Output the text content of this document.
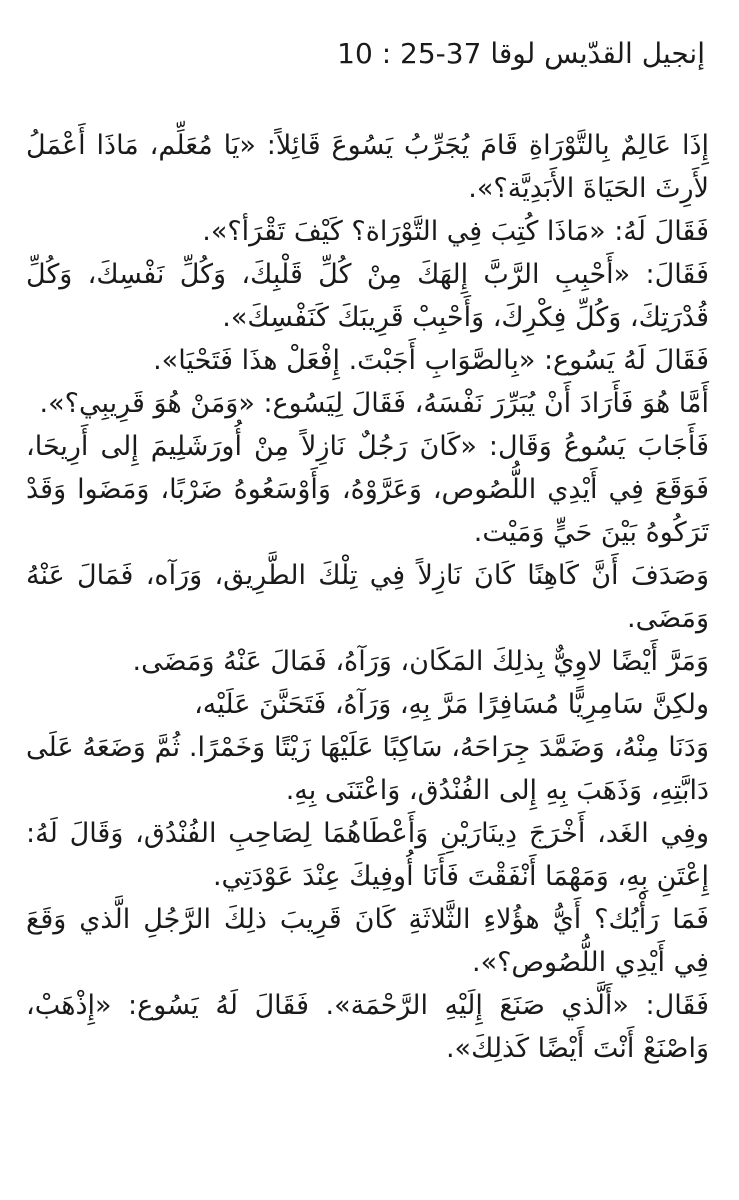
إنجيل القدّيس لوقا 37-25 : 10

إِذَا عَالِمٌ بِالتَّوْرَاةِ قَامَ يُجَرِّبُ يَسُوعَ قَائِلاً: «يَا مُعَلِّم، مَاذَا أَعْمَلُ لأَرِثَ الحَيَاةَ الأَبَدِيَّة؟».

فَقَالَ لَهُ: «مَاذَا كُتِبَ فِي التَّوْرَاة؟ كَيْفَ تَقْرَأ؟».

فَقَالَ: «أَحْبِبِ الرَّبَّ إِلهَكَ مِنْ كُلِّ قَلْبِكَ، وَكُلِّ نَفْسِكَ، وَكُلِّ قُدْرَتِكَ، وَكُلِّ فِكْرِكَ، وَأَحْبِبْ قَرِيبَكَ كَنَفْسِكَ».

فَقَالَ لَهُ يَسُوع: «بِالصَّوَابِ أَجَبْتَ. إِفْعَلْ هذَا فَتَحْيَا».

أَمَّا هُوَ فَأَرَادَ أَنْ يُبَرِّرَ نَفْسَهُ، فَقَالَ لِيَسُوع: «وَمَنْ هُوَ قَرِيبِي؟».

فَأَجَابَ يَسُوعُ وَقَال: «كَانَ رَجُلٌ نَازِلاً مِنْ أُورَشَلِيمَ إِلى أَرِيحَا، فَوَقَعَ فِي أَيْدِي اللُّصُوص، وَعَرَّوْهُ، وَأَوْسَعُوهُ ضَرْبًا، وَمَضَوا وَقَدْ تَرَكُوهُ بَيْنَ حَيٍّ وَمَيْت.

وَصَدَفَ أَنَّ كَاهِنًا كَانَ نَازِلاً فِي تِلْكَ الطَّرِيق، وَرَآه، فَمَالَ عَنْهُ وَمَضَى.

وَمَرَّ أَيْضًا لاوِيٌّ بِذلِكَ المَكَان، وَرَآهُ، فَمَالَ عَنْهُ وَمَضَى.

ولكِنَّ سَامِرِيًّا مُسَافِرًا مَرَّ بِهِ، وَرَآهُ، فَتَحَنَّنَ عَلَيْه،

وَدَنَا مِنْهُ، وَضَمَّدَ جِرَاحَهُ، سَاكِبًا عَلَيْهَا زَيْتًا وَخَمْرًا. ثُمَّ وَضَعَهُ عَلَى دَابَّتِهِ، وَذَهَبَ بِهِ إِلى الفُنْدُق، وَاعْتَنَى بِهِ.

وفِي الغَد، أَخْرَجَ دِينَارَيْنِ وَأَعْطَاهُمَا لِصَاحِبِ الفُنْدُق، وَقَالَ لَهُ: إِعْتَنِ بِهِ، وَمَهْمَا أَنْفَقْتَ فَأَنَا أُوفِيكَ عِنْدَ عَوْدَتِي.

فَمَا رَأْيُك؟ أَيُّ هؤُلاءِ الثَّلاثَةِ كَانَ قَرِيبَ ذلِكَ الرَّجُلِ الَّذي وَقَعَ فِي أَيْدِي اللُّصُوص؟».

فَقَال: «أَلَّذي صَنَعَ إِلَيْهِ الرَّحْمَة». فَقَالَ لَهُ يَسُوع: «إِذْهَبْ، وَاصْنَعْ أَنْتَ أَيْضًا كَذلِكَ».
